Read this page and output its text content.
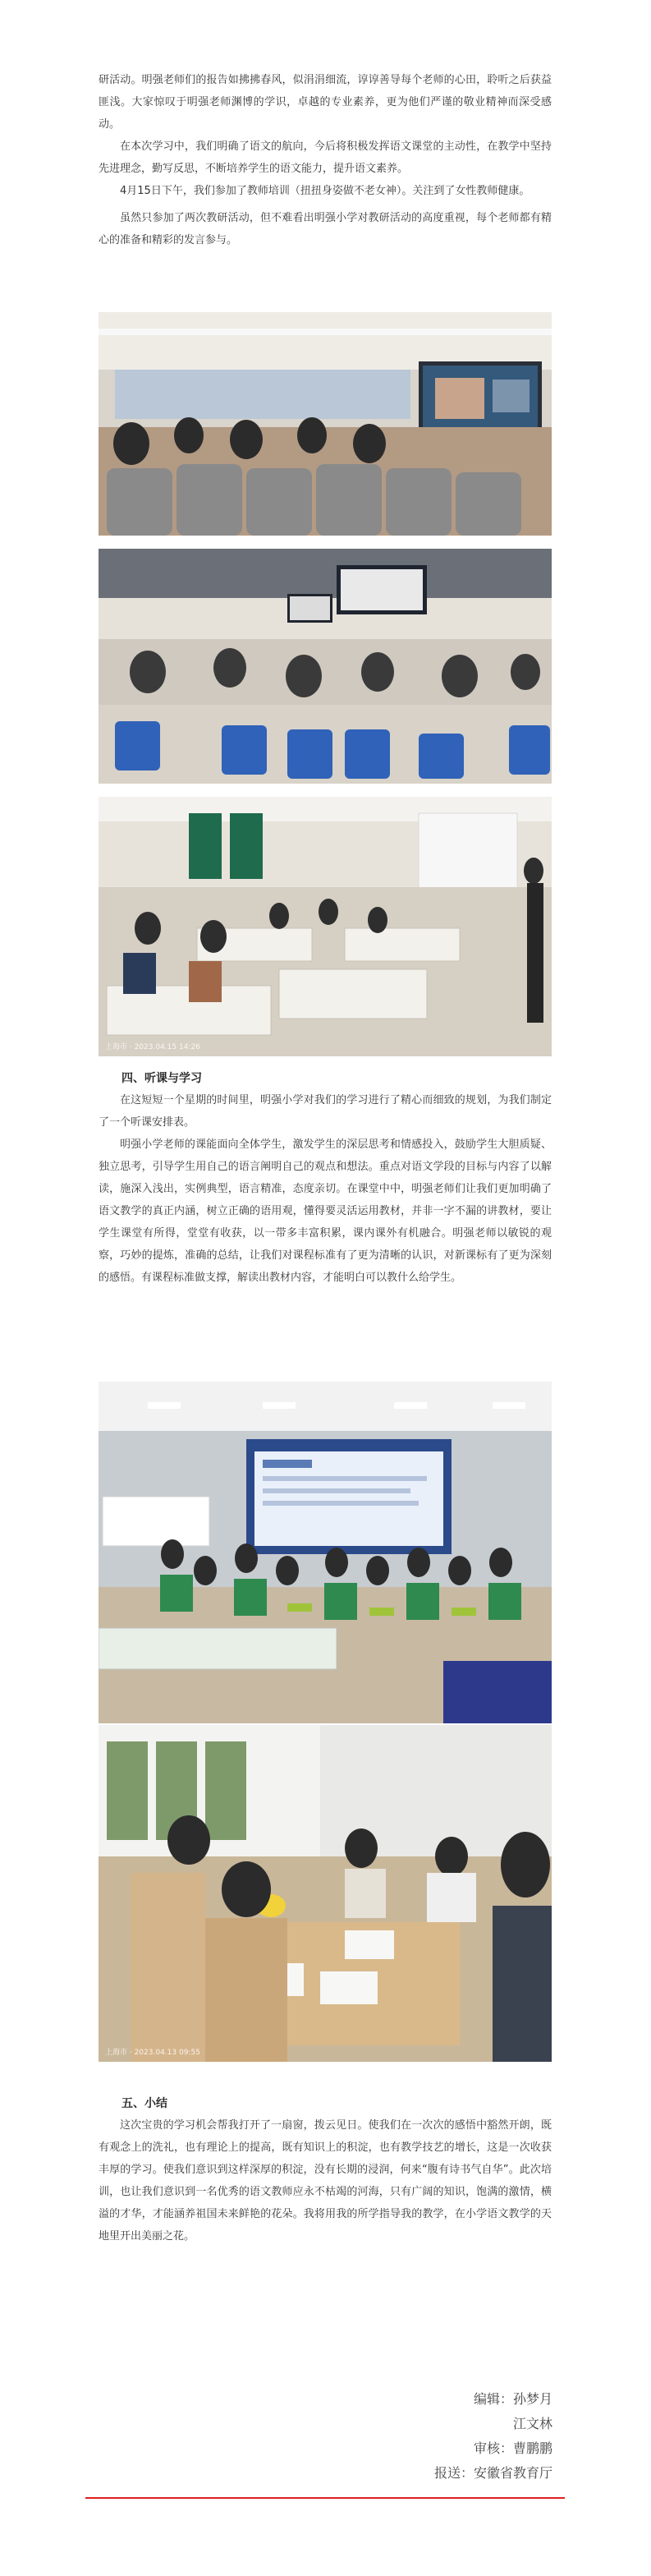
研活动。明强老师们的报告如拂拂春风，似涓涓细流，谆谆善导每个老师的心田，聆听之后获益匪浅。大家惊叹于明强老师渊博的学识，卓越的专业素养，更为他们严谨的敬业精神而深受感动。

在本次学习中，我们明确了语文的航向，今后将积极发挥语文课堂的主动性，在教学中坚持先进理念，勤写反思，不断培养学生的语文能力，提升语文素养。

4月15日下午，我们参加了教师培训（扭扭身姿做不老女神）。关注到了女性教师健康。

虽然只参加了两次教研活动，但不难看出明强小学对教研活动的高度重视，每个老师都有精心的准备和精彩的发言参与。

上海市 · 2023.04.15 14:26
四、听课与学习

在这短短一个星期的时间里，明强小学对我们的学习进行了精心而细致的规划，为我们制定了一个听课安排表。

明强小学老师的课能面向全体学生，激发学生的深层思考和情感投入，鼓励学生大胆质疑、独立思考，引导学生用自己的语言阐明自己的观点和想法。重点对语文学段的目标与内容了以解读，施深入浅出，实例典型，语言精准，态度亲切。在课堂中中，明强老师们让我们更加明确了语文教学的真正内涵，树立正确的语用观，懂得要灵活运用教材，并非一字不漏的讲教材，要让学生课堂有所得，堂堂有收获，以一带多丰富积累，课内课外有机融合。明强老师以敏锐的观察，巧妙的提炼，准确的总结，让我们对课程标准有了更为清晰的认识，对新课标有了更为深刻的感悟。有课程标准做支撑，解读出教材内容，才能明白可以教什么给学生。

上海市 · 2023.04.13 09:55
五、小结

这次宝贵的学习机会帮我打开了一扇窗，拨云见日。使我们在一次次的感悟中豁然开朗，既有观念上的洗礼，也有理论上的提高，既有知识上的积淀，也有教学技艺的增长，这是一次收获丰厚的学习。使我们意识到这样深厚的积淀，没有长期的浸润，何来“腹有诗书气自华”。此次培训，也让我们意识到一名优秀的语文教师应永不枯竭的河海，只有广阔的知识，饱满的激情，横溢的才华，才能涵养祖国未来鲜艳的花朵。我将用我的所学指导我的教学，在小学语文教学的天地里开出美丽之花。

编辑：孙梦月
江文林
审核：曹鹏鹏
报送：安徽省教育厅
